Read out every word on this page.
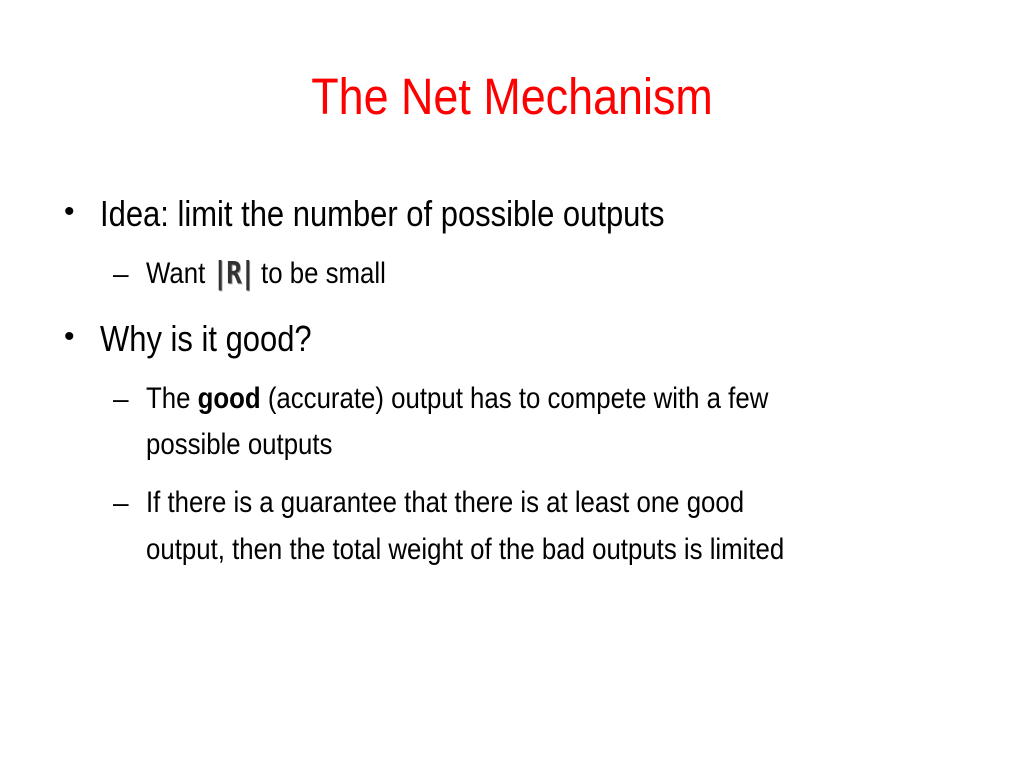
The Net Mechanism
• Idea: limit the number of possible outputs
– Want |R| to be small
• Why is it good?
– The good (accurate) output has to compete with a few
possible outputs
– If there is a guarantee that there is at least one good
output, then the total weight of the bad outputs is limited
